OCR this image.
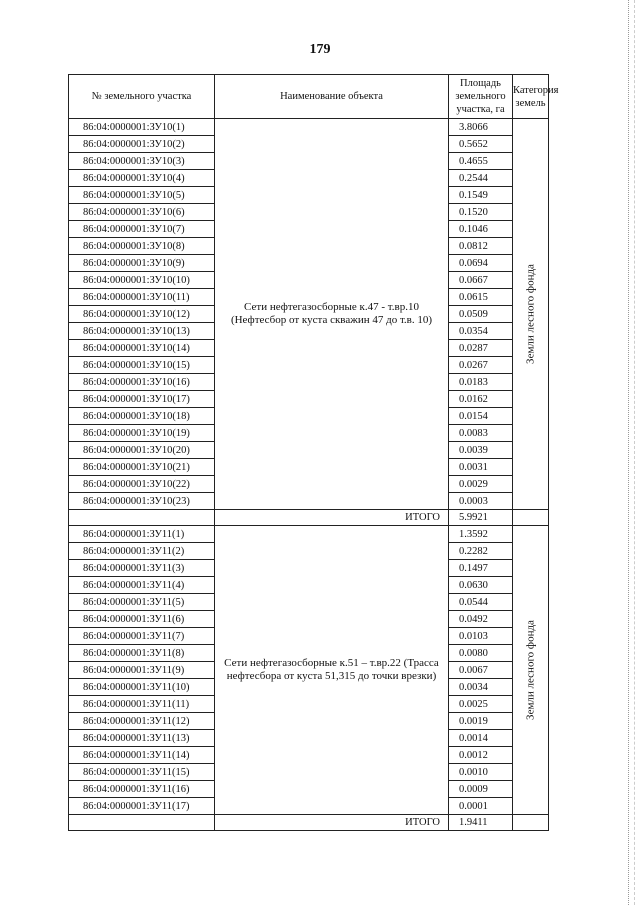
179
№ земельного участка	Наименование объекта	Площадь земельного участка, га	Категория земель
86:04:0000001:ЗУ10(1)	Сети нефтегазосборные к.47 - т.вр.10 (Нефтесбор от куста скважин 47 до т.в. 10)	3.8066	Земли лесного фонда

86:04:0000001:ЗУ10(2)		0.5652	
86:04:0000001:ЗУ10(3)		0.4655	
86:04:0000001:ЗУ10(4)		0.2544	
86:04:0000001:ЗУ10(5)		0.1549	
86:04:0000001:ЗУ10(6)		0.1520	
86:04:0000001:ЗУ10(7)		0.1046	
86:04:0000001:ЗУ10(8)		0.0812	
86:04:0000001:ЗУ10(9)		0.0694	
86:04:0000001:ЗУ10(10)		0.0667	
86:04:0000001:ЗУ10(11)		0.0615	
86:04:0000001:ЗУ10(12)		0.0509	
86:04:0000001:ЗУ10(13)		0.0354	
86:04:0000001:ЗУ10(14)		0.0287	
86:04:0000001:ЗУ10(15)		0.0267	
86:04:0000001:ЗУ10(16)		0.0183	
86:04:0000001:ЗУ10(17)		0.0162	
86:04:0000001:ЗУ10(18)		0.0154	
86:04:0000001:ЗУ10(19)		0.0083	
86:04:0000001:ЗУ10(20)		0.0039	
86:04:0000001:ЗУ10(21)		0.0031	
86:04:0000001:ЗУ10(22)		0.0029	
86:04:0000001:ЗУ10(23)		0.0003	
	ИТОГО	5.9921	
86:04:0000001:ЗУ11(1)	Сети нефтегазосборные к.51 – т.вр.22 (Трасса нефтесбора от куста 51,315 до точки врезки)	1.3592	Земли лесного фонда

86:04:0000001:ЗУ11(2)		0.2282	
86:04:0000001:ЗУ11(3)		0.1497	
86:04:0000001:ЗУ11(4)		0.0630	
86:04:0000001:ЗУ11(5)		0.0544	
86:04:0000001:ЗУ11(6)		0.0492	
86:04:0000001:ЗУ11(7)		0.0103	
86:04:0000001:ЗУ11(8)		0.0080	
86:04:0000001:ЗУ11(9)		0.0067	
86:04:0000001:ЗУ11(10)		0.0034	
86:04:0000001:ЗУ11(11)		0.0025	
86:04:0000001:ЗУ11(12)		0.0019	
86:04:0000001:ЗУ11(13)		0.0014	
86:04:0000001:ЗУ11(14)		0.0012	
86:04:0000001:ЗУ11(15)		0.0010	
86:04:0000001:ЗУ11(16)		0.0009	
86:04:0000001:ЗУ11(17)		0.0001	
	ИТОГО	1.9411	
